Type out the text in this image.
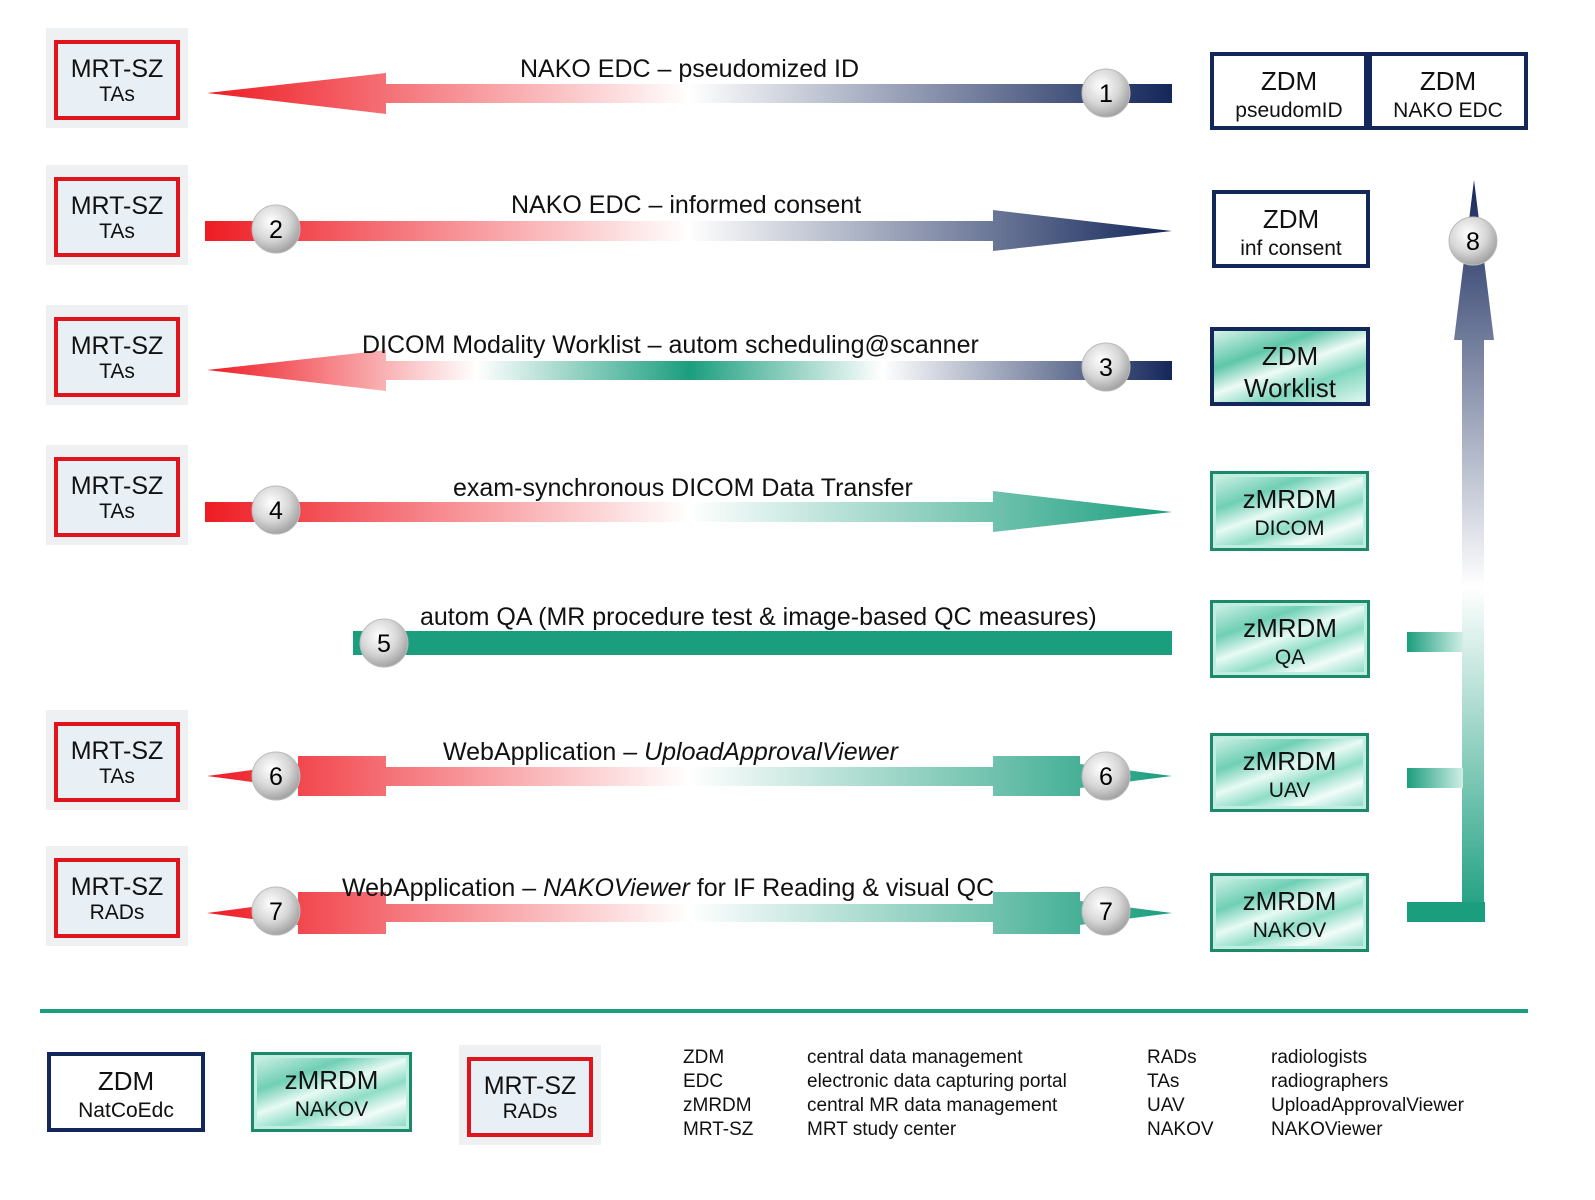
1
2
3
4
5
6	6
7	7
8
NAKO EDC – pseudomized ID
NAKO EDC – informed consent
DICOM Modality Worklist – autom scheduling@scanner
exam-synchronous DICOM Data Transfer
autom QA (MR procedure test & image-based QC measures)
WebApplication – UploadApprovalViewer
WebApplication – NAKOViewer for IF Reading & visual QC
MRT-SZ
TAs
MRT-SZ
TAs
MRT-SZ
TAs
MRT-SZ
TAs
MRT-SZ
TAs
MRT-SZ
RADs
ZDM
pseudomID
ZDM
NAKO EDC
ZDM
inf consent
ZDM
Worklist
zMRDM
DICOM
zMRDM
QA
zMRDM
UAV
zMRDM
NAKOV
ZDM
NatCoEdc
zMRDM
NAKOV
MRT-SZ
RADs
ZDM
EDC
zMRDM
MRT-SZ
central data management
electronic data capturing portal
central MR data management
MRT study center
RADs
TAs
UAV
NAKOV
radiologists
radiographers
UploadApprovalViewer
NAKOViewer
